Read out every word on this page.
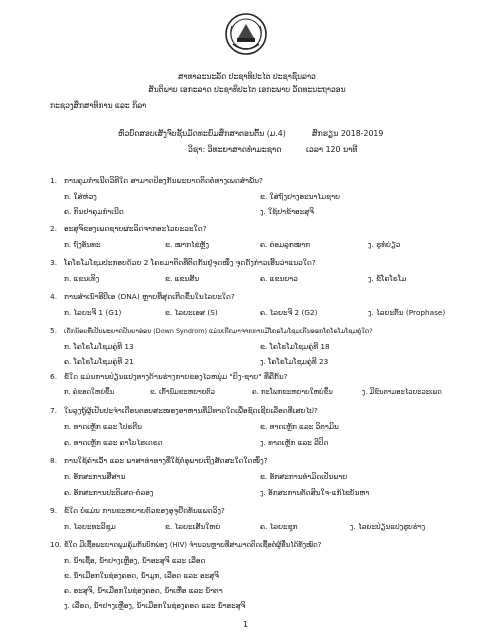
ສາທາລະນະລັດ ປະຊາທິປະໄຕ ປະຊາຊົນລາວ
ສັນຕິພາບ ເອກະລາດ ປະຊາທິປະໄຕ ເອກະພາບ ວັດທະນະຖາວອນ
ກະຊວງສຶກສາທິການ ແລະ ກິລາ
ຫົວບົດສອບເສັງຈົບຊັ້ນມັດທະຍົມສຶກສາຕອນຕົ້ນ (ມ.4)	ສົກຮຽນ 2018-2019
ວິຊາ: ວິທະຍາສາດທຳມະຊາດ	ເວລາ 120 ນາທີ
1. ການຄຸມກຳເນີດວິທີໃດ ສາມາດປ້ອງກັນພະຍາດຕິດຕໍ່ທາງເພດສຳພັນ?
ກ. ໃສ່ຫ່ວງ	ຂ. ໃສ່ຖົງຢາງອະນາໄມຊາຍ
ຄ. ກິນຢາຄຸມກຳເນີດ	ງ. ໃຊ້ຢາຂ້າອະສຸຈິ
2. ອະສຸຈິຂອງເພດຊາຍຜະລິດຈາກອະໄວຍະວະໃດ?
ກ. ຖົງອັນທະ	ຂ. ໝາກໄຂ່ຫຼັງ	ຄ. ຕ່ອມລູກໝາກ	ງ. ຮູທໍ່ຍ່ຽວ
3. ໂຄໂຣໂມໂຊມປະກອບດ້ວຍ 2 ໂຄຣມາຕິດທີ່ຕິດກັນຢູ່ຈຸດໜຶ່ງ ຈຸດດັ່ງກ່າວເອີ້ນວ່າແນວໃດ?
ກ. ແຂນເທິງ	ຂ. ແຂນສັ້ນ	ຄ. ແຂນຍາວ	ງ. ຂໍ້ໂຄໂຣໂມ
4. ການສຳເນົາອີບີເອ (DNA) ຫຼາຍທີ່ສຸດເກີດຂຶ້ນໃນໄລຍະໃດ?
ກ. ໄລຍະຈີ 1 (G1)	ຂ. ໄລຍະເອສ (S)	ຄ. ໄລຍະຈີ 2 (G2)	ງ. ໄລຍະຕົ້ນ (Prophase)
5. ເດັກນ້ອຍທີ່ເປັນພະຍາດປັນຍາອ່ອນ (Down Syndrom) ແມ່ນເກີດມາຈາກການມີໂຄຣໂມໂຊມເກີນອອກໂຄໂຣໂມໂຊມຄູ່ໃດ?
ກ. ໂຄໂຣໂມໂຊມຄູ່ທີ 13	ຂ. ໂຄໂຣໂມໂຊມຄູ່ທີ 18
ຄ. ໂຄໂຣໂມໂຊມຄູ່ທີ 21	ງ. ໂຄໂຣໂມໂຊມຄູ່ທີ 23
6. ຂໍ້ໃດ ແມ່ນການປ່ຽນແປງທາງດ້ານຮ່າງກາຍຂອງໄວຫນຸ່ມ "ຍິງ-ຊາຍ" ທີ່ຄືກັນ?
ກ. ຄໍຂອດໃຫຍ່ຂຶ້ນ	ຂ. ເຕົ້ານົມຂະຫຍາຍຕົວ	ຄ. ກະໂພກຂະຫຍາຍໃຫຍ່ຂຶ້ນ	ງ. ມີຂົນຕາມອະໄວຍະວະເພດ
7. ໃນລຸງຖູ້ຜູ້ເປັນປະຈຳເດືອນຕອບສະໜອງອາຫານທີ່ມີທາດໃດເພື່ອຊົດເຊີຍເລືອດທີ່ເສຍໄປ?
ກ. ທາດເຫຼັກ ແລະ ໂປຣຕີນ	ຂ. ທາດເຫຼັກ ແລະ ວິຕາມິນ
ຄ. ທາດເຫຼັກ ແລະ ຄາໂບໄຮເດຣດ	ງ. ທາດເຫຼັກ ແລະ ລີປິດ
8. ການໃຊ້ຄຳເວົ້າ ແລະ ພາສາທ່າທາງທີ່ໃຊ້ຕໍ່ອຸພາຍເຖິງສັດສະໃດໃດໜຶ່ງ?
ກ. ອັກສະການສື່ສານ	ຂ. ອັກສະການທຳມິດເປັນພາຍ
ຄ. ອັກສະການປະຕິເສດ-ຕໍ່ລອງ	ງ. ອັກສະການຕັດສິນໃຈ-ແກ້ໄຂບັນຫາ
9. ຂໍ້ໃດ ບໍ່ແມ່ນ ການຂະຫຍາຍຕົວຂອງອຸຈຸຍືດທັນແພດວິງ?
ກ. ໄລຍະທະລີຊູມ	ຂ. ໄລຍະເສັ້ນໃຫຍ່	ຄ. ໄລຍະຊຸກ	ງ. ໄລຍະປ່ຽນແປງຮູບຮ່າງ
10. ຂໍ້ໃດ ມີເຊື້ອພະຍາດພູມຄຸ້ມກັນບົກພ່ອງ (HIV) ຈຳນວນຫຼາຍທີ່ສາມາດຕິດເຊື້ອຕໍ່ຜູ້ອື່ນໄດ້ທັງໝົດ?
ກ. ນ້ຳເຊື້ອ, ນ້ຳຢາງເຫຼືອງ, ນ້ຳອະສຸຈິ ແລະ ເລືອດ
ຂ. ນ້ຳເມືອກໃນຊ່ອງຄອດ, ນ້ຳມູກ, ເລືອດ ແລະ ອະສຸຈິ
ຄ. ອະສຸຈິ, ນ້ຳເມືອກໃນຊ່ອງຄອດ, ນ້ຳເຫື່ອ ແລະ ນ້ຳຕາ
ງ. ເລືອດ, ນ້ຳຢາງເຫຼືອງ, ນ້ຳເມືອກໃນຊ່ອງຄອດ ແລະ ນ້ຳອະສຸຈິ
1
